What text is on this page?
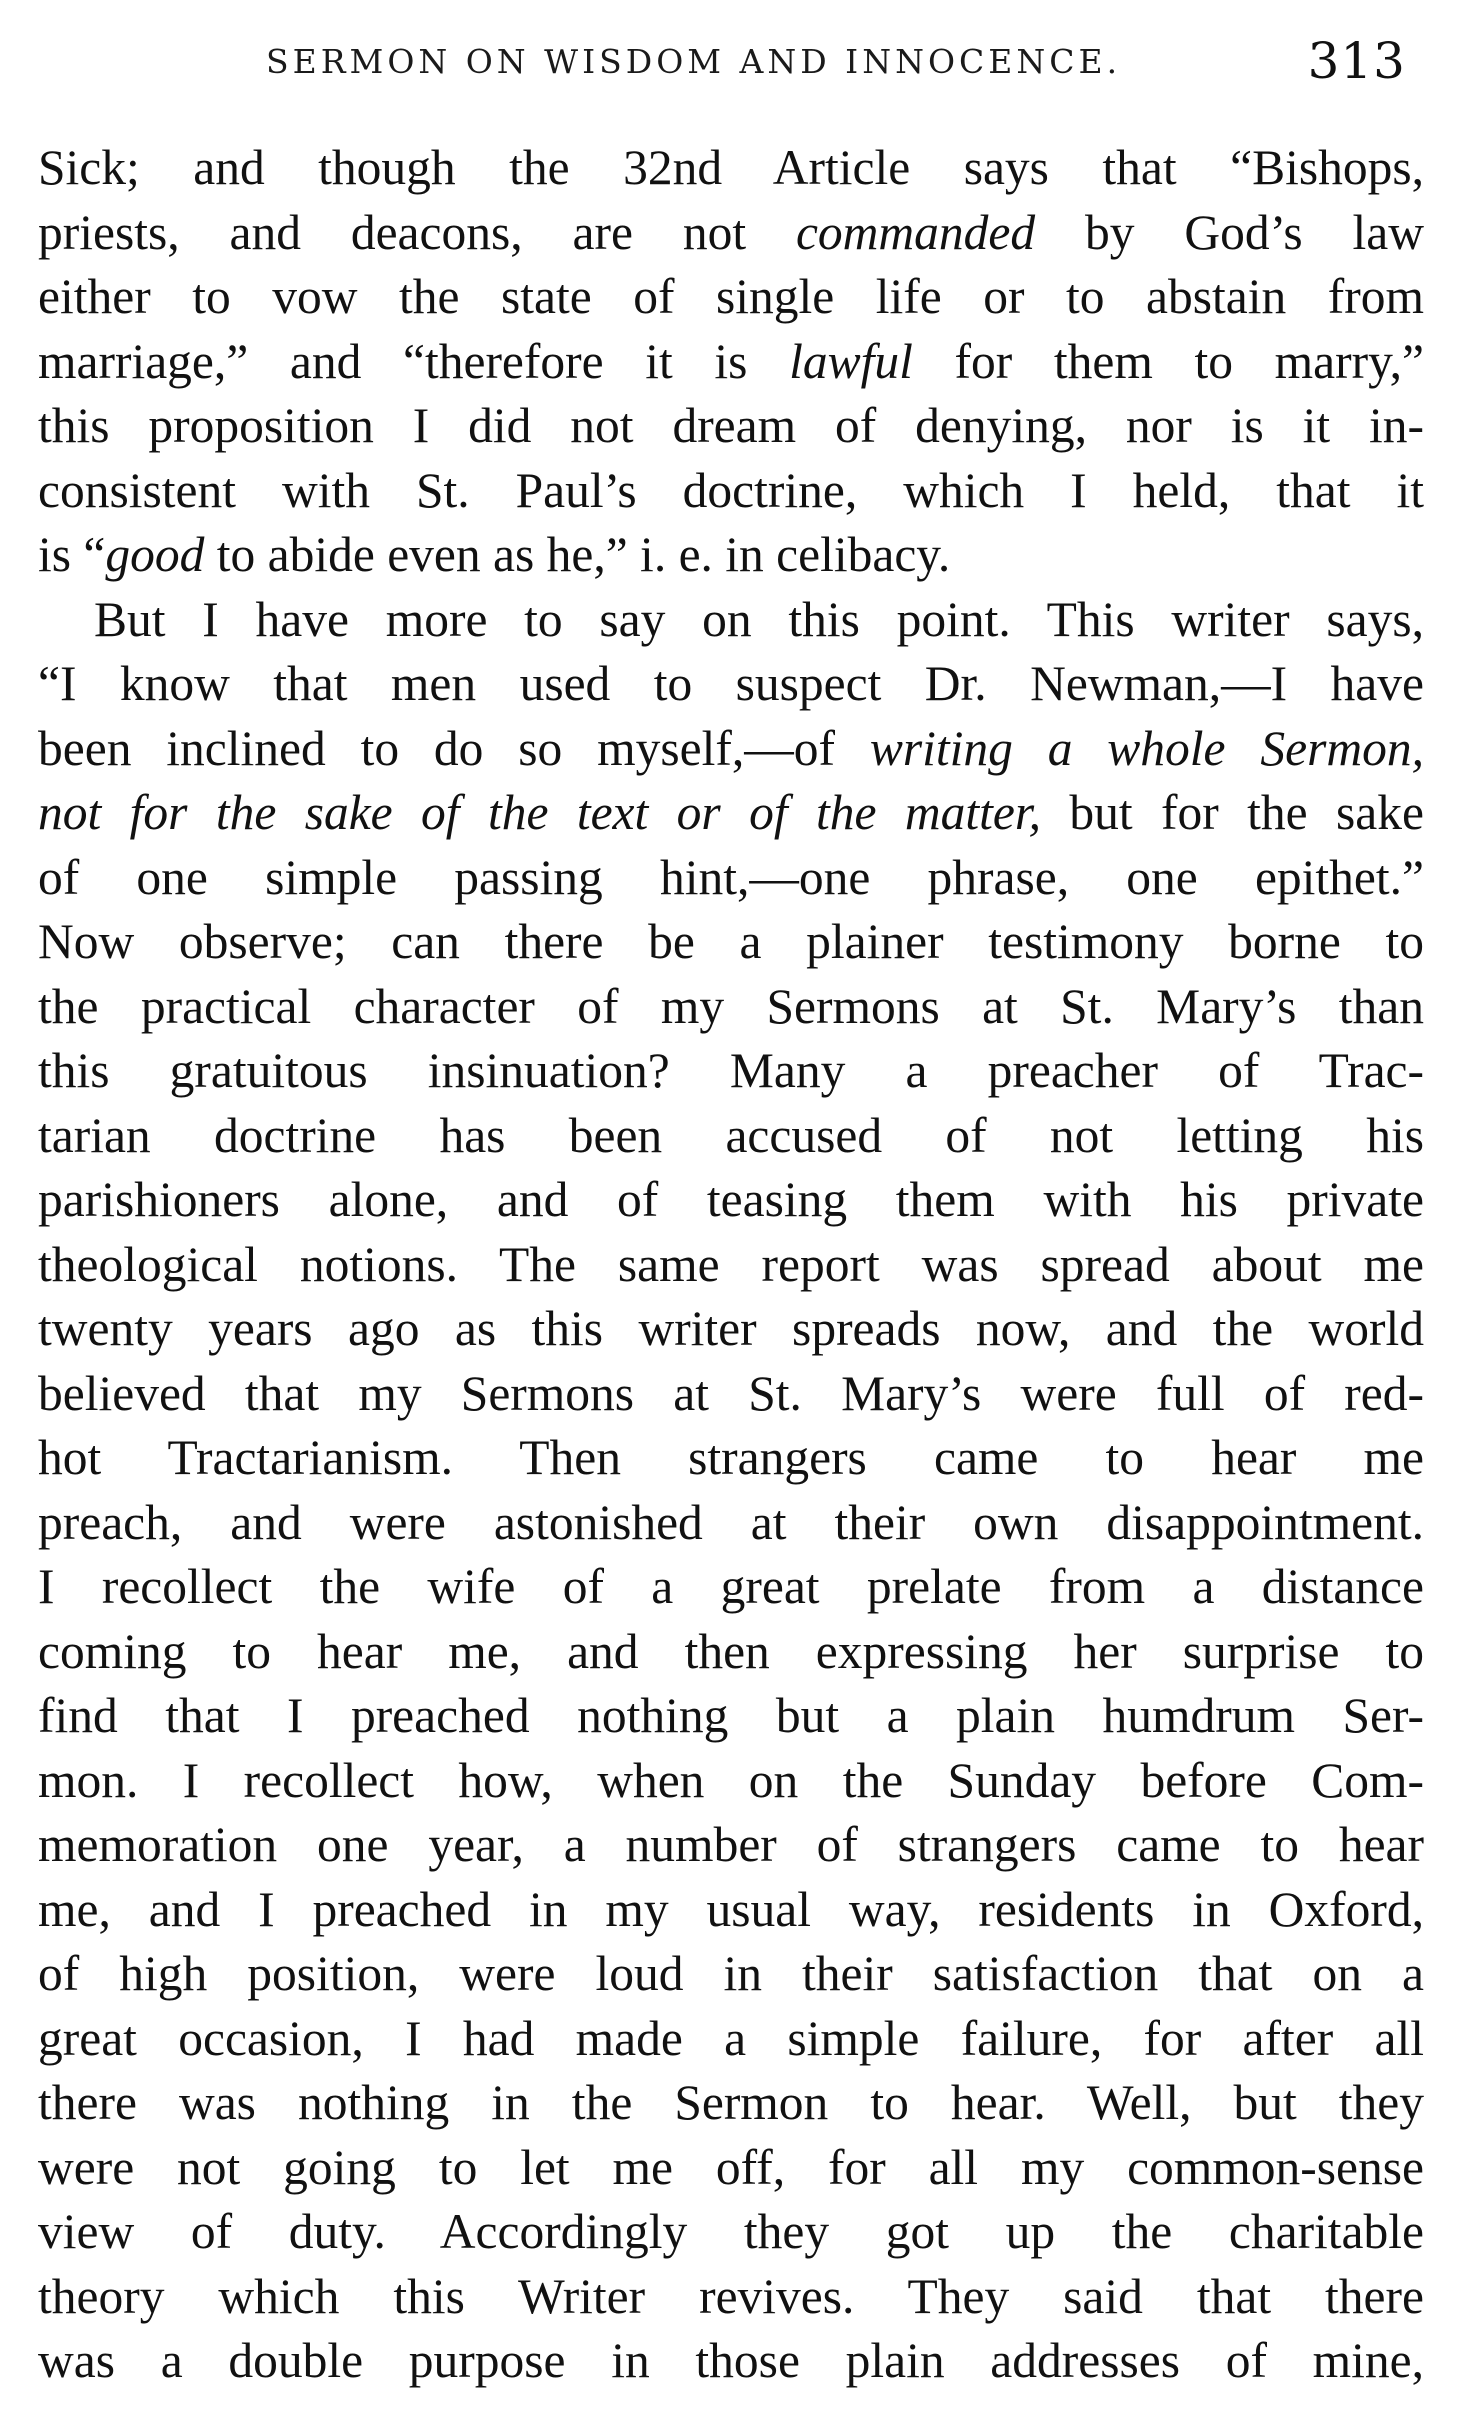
SERMON ON WISDOM AND INNOCENCE.	313
Sick; and though the 32nd Article says that “Bishops,
priests, and deacons, are not commanded by God’s law
either to vow the state of single life or to abstain from
marriage,” and “therefore it is lawful for them to marry,”
this proposition I did not dream of denying, nor is it in-
consistent with St. Paul’s doctrine, which I held, that it
is “good to abide even as he,” i. e. in celibacy.
But I have more to say on this point. This writer says,
“I know that men used to suspect Dr. Newman,—I have
been inclined to do so myself,—of writing a whole Sermon,
not for the sake of the text or of the matter, but for the sake
of one simple passing hint,—one phrase, one epithet.”
Now observe; can there be a plainer testimony borne to
the practical character of my Sermons at St. Mary’s than
this gratuitous insinuation? Many a preacher of Trac-
tarian doctrine has been accused of not letting his
parishioners alone, and of teasing them with his private
theological notions. The same report was spread about me
twenty years ago as this writer spreads now, and the world
believed that my Sermons at St. Mary’s were full of red-
hot Tractarianism. Then strangers came to hear me
preach, and were astonished at their own disappointment.
I recollect the wife of a great prelate from a distance
coming to hear me, and then expressing her surprise to
find that I preached nothing but a plain humdrum Ser-
mon. I recollect how, when on the Sunday before Com-
memoration one year, a number of strangers came to hear
me, and I preached in my usual way, residents in Oxford,
of high position, were loud in their satisfaction that on a
great occasion, I had made a simple failure, for after all
there was nothing in the Sermon to hear. Well, but they
were not going to let me off, for all my common-sense
view of duty. Accordingly they got up the charitable
theory which this Writer revives. They said that there
was a double purpose in those plain addresses of mine,
